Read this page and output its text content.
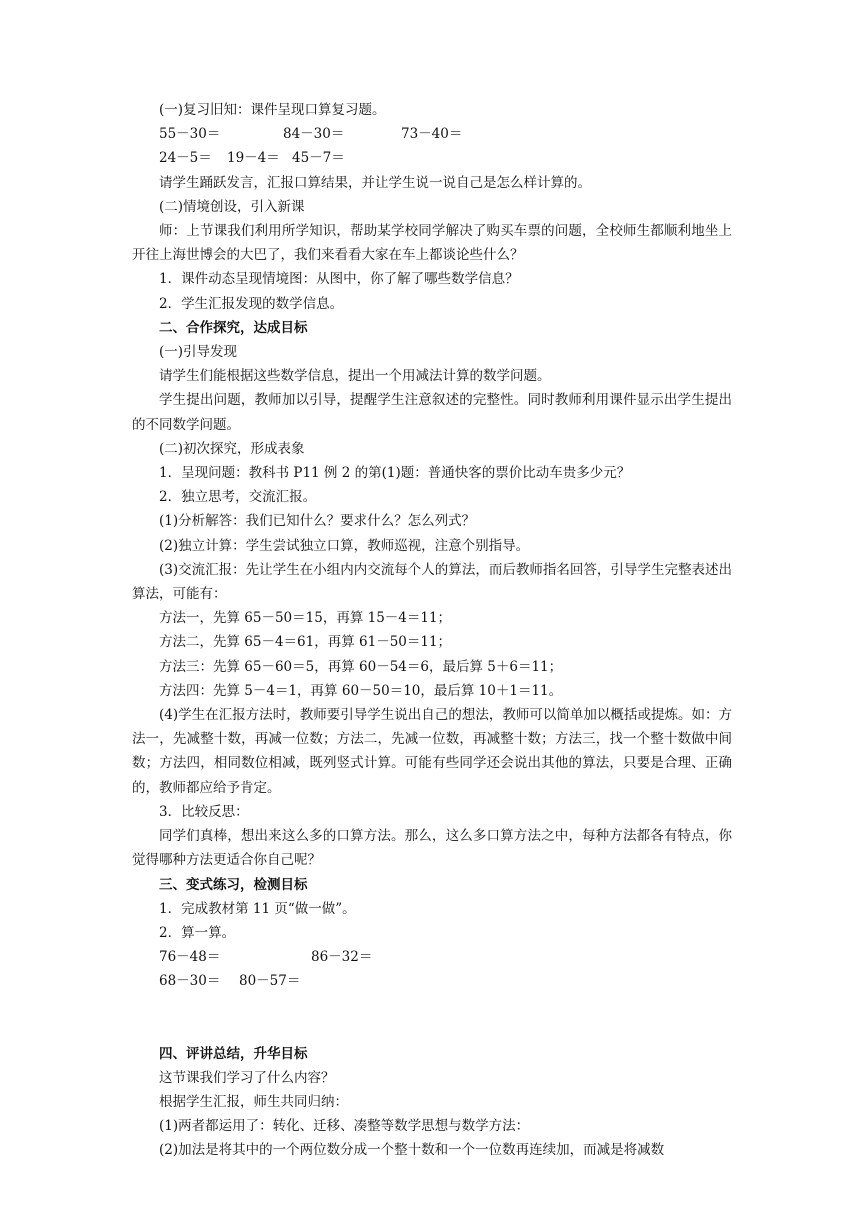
(一)复习旧知：课件呈现口算复习题。
55－30＝	84－30＝	73－40＝
24－5＝	19－4＝ 45－7＝
请学生踊跃发言，汇报口算结果，并让学生说一说自己是怎么样计算的。
(二)情境创设，引入新课
师：上节课我们利用所学知识，帮助某学校同学解决了购买车票的问题，全校师生都顺利地坐上开往上海世博会的大巴了，我们来看看大家在车上都谈论些什么？
1．课件动态呈现情境图：从图中，你了解了哪些数学信息？
2．学生汇报发现的数学信息。
二、合作探究，达成目标
(一)引导发现
请学生们能根据这些数学信息，提出一个用减法计算的数学问题。
学生提出问题，教师加以引导，提醒学生注意叙述的完整性。同时教师利用课件显示出学生提出的不同数学问题。
(二)初次探究，形成表象
1．呈现问题：教科书 P11 例 2 的第(1)题：普通快客的票价比动车贵多少元？
2．独立思考，交流汇报。
(1)分析解答：我们已知什么？要求什么？怎么列式？
(2)独立计算：学生尝试独立口算，教师巡视，注意个别指导。
(3)交流汇报：先让学生在小组内内交流每个人的算法，而后教师指名回答，引导学生完整表述出算法，可能有：
方法一，先算 65－50＝15，再算 15－4＝11；
方法二，先算 65－4＝61，再算 61－50＝11；
方法三：先算 65－60＝5，再算 60－54＝6，最后算 5＋6＝11；
方法四：先算 5－4＝1，再算 60－50＝10，最后算 10＋1＝11。
(4)学生在汇报方法时，教师要引导学生说出自己的想法，教师可以简单加以概括或提炼。如：方法一，先减整十数，再减一位数；方法二，先减一位数，再减整十数；方法三，找一个整十数做中间数；方法四，相同数位相减，既列竖式计算。可能有些同学还会说出其他的算法，只要是合理、正确的，教师都应给予肯定。
3．比较反思：
同学们真棒，想出来这么多的口算方法。那么，这么多口算方法之中，每种方法都各有特点，你觉得哪种方法更适合你自己呢？
三、变式练习，检测目标
1．完成教材第 11 页“做一做”。
2．算一算。
76－48＝	86－32＝
68－30＝	80－57＝
四、评讲总结，升华目标
这节课我们学习了什么内容？
根据学生汇报，师生共同归纳：
(1)两者都运用了：转化、迁移、凑整等数学思想与数学方法：
(2)加法是将其中的一个两位数分成一个整十数和一个一位数再连续加，而减是将减数
